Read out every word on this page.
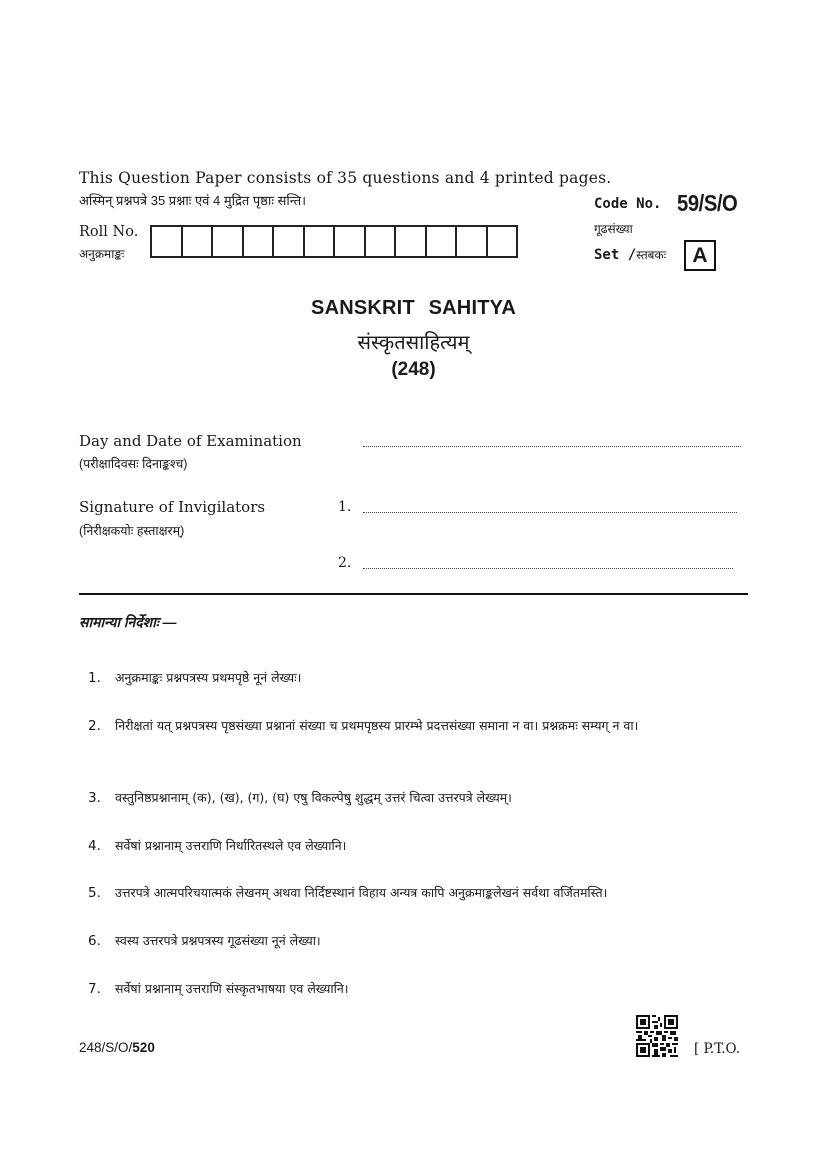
This Question Paper consists of 35 questions and 4 printed pages.
अस्मिन् प्रश्नपत्रे 35 प्रश्नाः एवं 4 मुद्रित पृष्ठाः सन्ति।
Roll No.
अनुक्रमाङ्कः
Code No. 59/S/O
गूढसंख्या
Set /स्तबकः	A
SANSKRIT SAHITYA
संस्कृतसाहित्यम्
(248)
Day and Date of Examination
(परीक्षादिवसः दिनाङ्कश्च)
Signature of Invigilators
(निरीक्षकयोः हस्ताक्षरम्)
1.
2.
सामान्या निर्देशाः —
1. अनुक्रमाङ्कः प्रश्नपत्रस्य प्रथमपृष्ठे नूनं लेख्यः।
2. निरीक्षतां यत् प्रश्नपत्रस्य पृष्ठसंख्या प्रश्नानां संख्या च प्रथमपृष्ठस्य प्रारम्भे प्रदत्तसंख्या समाना न वा। प्रश्नक्रमः सम्यग् न वा।
3. वस्तुनिष्ठप्रश्नानाम् (क), (ख), (ग), (घ) एषु विकल्पेषु शुद्धम् उत्तरं चित्वा उत्तरपत्रे लेख्यम्।
4. सर्वेषां प्रश्नानाम् उत्तराणि निर्धारितस्थले एव लेख्यानि।
5. उत्तरपत्रे आत्मपरिचयात्मकं लेखनम् अथवा निर्दिष्टस्थानं विहाय अन्यत्र कापि अनुक्रमाङ्कलेखनं सर्वथा वर्जितमस्ति।
6. स्वस्य उत्तरपत्रे प्रश्नपत्रस्य गूढसंख्या नूनं लेख्या।
7. सर्वेषां प्रश्नानाम् उत्तराणि संस्कृतभाषया एव लेख्यानि।
248/S/O/520	[ P.T.O.
